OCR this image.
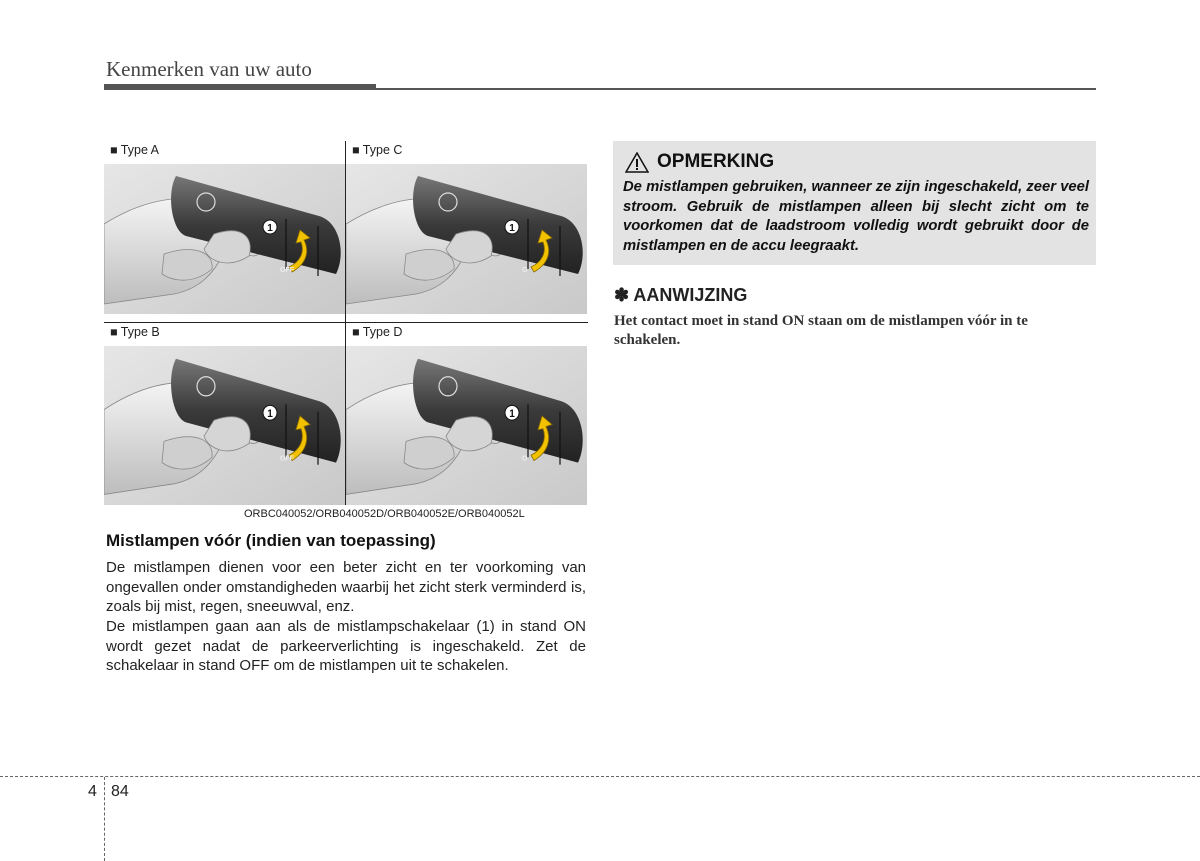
Kenmerken van uw auto
■ Type A
1
OFF
■ Type C
1
O
■ Type B
1
OFF
■ Type D
1
O
ORBC040052/ORB040052D/ORB040052E/ORB040052L
Mistlampen vóór (indien van toepassing)
De mistlampen dienen voor een beter zicht en ter voorkoming van ongevallen onder omstandigheden waarbij het zicht sterk verminderd is, zoals bij mist, regen, sneeuwval, enz.
De mistlampen gaan aan als de mistlampschakelaar (1) in stand ON wordt gezet nadat de parkeerverlichting is ingeschakeld. Zet de schakelaar in stand OFF om de mistlampen uit te schakelen.
OPMERKING
De mistlampen gebruiken, wanneer ze zijn ingeschakeld, zeer veel stroom. Gebruik de mistlampen alleen bij slecht zicht om te voorkomen dat de laadstroom volledig wordt gebruikt door de mistlampen en de accu leegraakt.
✽ AANWIJZING
Het contact moet in stand ON staan om de mistlampen vóór in te schakelen.
4 84
